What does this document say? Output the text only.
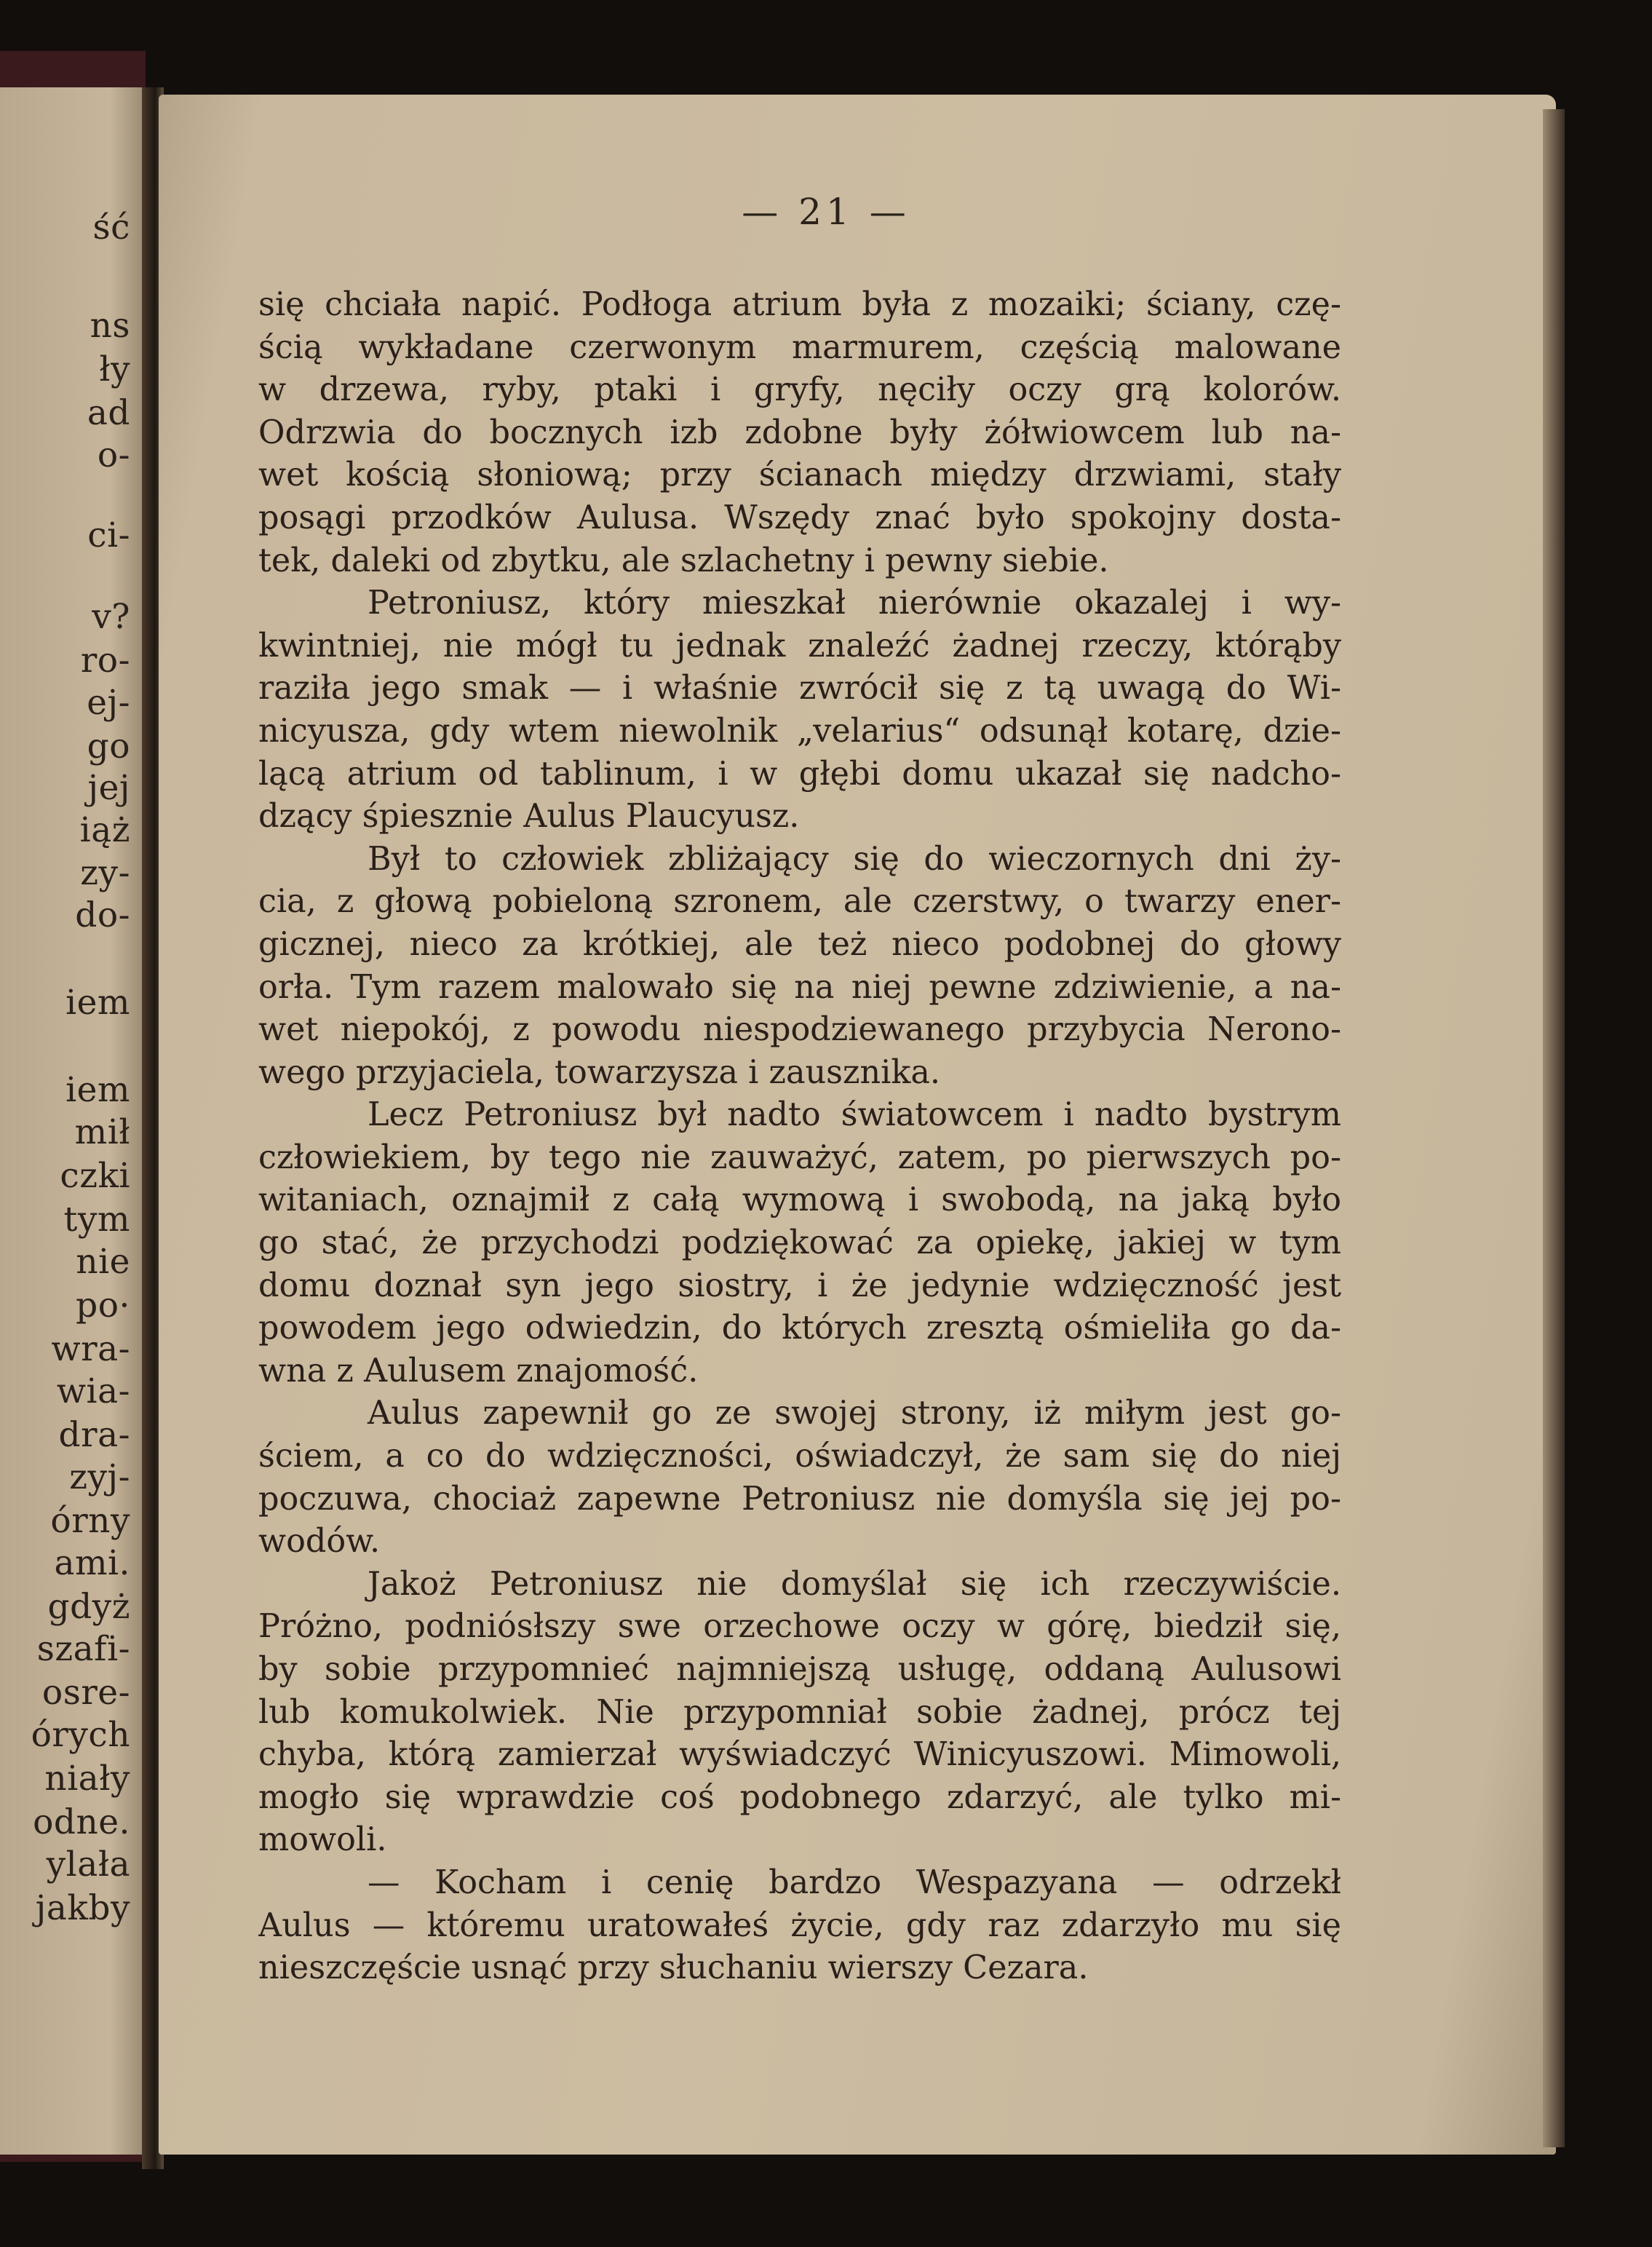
ść
ns
ły
ad
o-
ci-
v?
ro-
ej-
go
jej
iąż
zy-
do-
iem
iem
mił
czki
tym
nie
po·
wra-
wia-
dra-
zyj-
órny
ami.
gdyż
szafi-
osre-
órych
niały
odne.
ylała
jakby
— 21 —
się chciała napić. Podłoga atrium była z mozaiki; ściany, czę-
ścią wykładane czerwonym marmurem, częścią malowane
w drzewa, ryby, ptaki i gryfy, nęciły oczy grą kolorów.
Odrzwia do bocznych izb zdobne były żółwiowcem lub na-
wet kością słoniową; przy ścianach między drzwiami, stały
posągi przodków Aulusa. Wszędy znać było spokojny dosta-
tek, daleki od zbytku, ale szlachetny i pewny siebie.
Petroniusz, który mieszkał nierównie okazalej i wy-
kwintniej, nie mógł tu jednak znaleźć żadnej rzeczy, którąby
raziła jego smak — i właśnie zwrócił się z tą uwagą do Wi-
nicyusza, gdy wtem niewolnik „velarius“ odsunął kotarę, dzie-
lącą atrium od tablinum, i w głębi domu ukazał się nadcho-
dzący śpiesznie Aulus Plaucyusz.
Był to człowiek zbliżający się do wieczornych dni ży-
cia, z głową pobieloną szronem, ale czerstwy, o twarzy ener-
gicznej, nieco za krótkiej, ale też nieco podobnej do głowy
orła. Tym razem malowało się na niej pewne zdziwienie, a na-
wet niepokój, z powodu niespodziewanego przybycia Nerono-
wego przyjaciela, towarzysza i zausznika.
Lecz Petroniusz był nadto światowcem i nadto bystrym
człowiekiem, by tego nie zauważyć, zatem, po pierwszych po-
witaniach, oznajmił z całą wymową i swobodą, na jaką było
go stać, że przychodzi podziękować za opiekę, jakiej w tym
domu doznał syn jego siostry, i że jedynie wdzięczność jest
powodem jego odwiedzin, do których zresztą ośmieliła go da-
wna z Aulusem znajomość.
Aulus zapewnił go ze swojej strony, iż miłym jest go-
ściem, a co do wdzięczności, oświadczył, że sam się do niej
poczuwa, chociaż zapewne Petroniusz nie domyśla się jej po-
wodów.
Jakoż Petroniusz nie domyślał się ich rzeczywiście.
Próżno, podniósłszy swe orzechowe oczy w górę, biedził się,
by sobie przypomnieć najmniejszą usługę, oddaną Aulusowi
lub komukolwiek. Nie przypomniał sobie żadnej, prócz tej
chyba, którą zamierzał wyświadczyć Winicyuszowi. Mimowoli,
mogło się wprawdzie coś podobnego zdarzyć, ale tylko mi-
mowoli.
— Kocham i cenię bardzo Wespazyana — odrzekł
Aulus — któremu uratowałeś życie, gdy raz zdarzyło mu się
nieszczęście usnąć przy słuchaniu wierszy Cezara.
